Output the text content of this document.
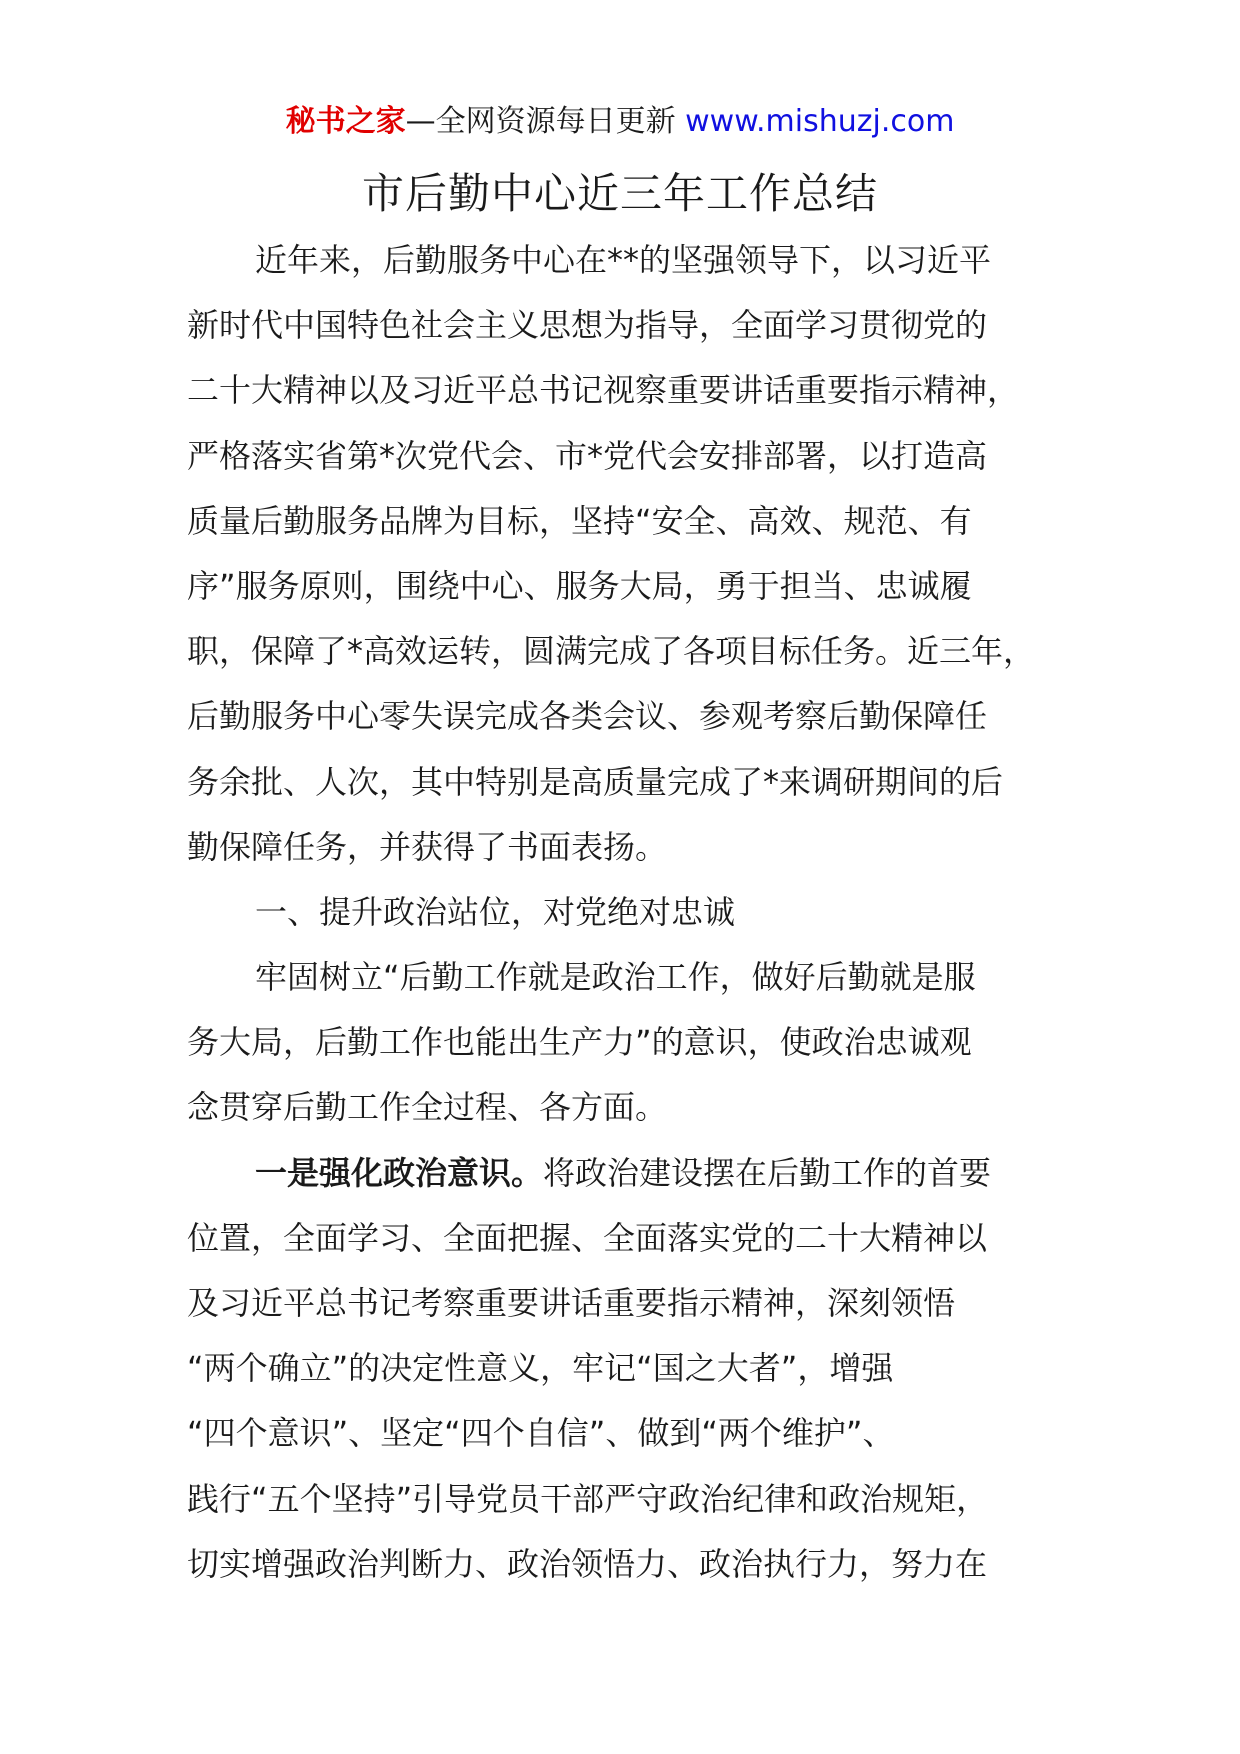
秘书之家—全网资源每日更新 www.mishuzj.com
市后勤中心近三年工作总结
近年来，后勤服务中心在**的坚强领导下，以习近平
新时代中国特色社会主义思想为指导，全面学习贯彻党的
二十大精神以及习近平总书记视察重要讲话重要指示精神，
严格落实省第*次党代会、市*党代会安排部署，以打造高
质量后勤服务品牌为目标，坚持“安全、高效、规范、有
序”服务原则，围绕中心、服务大局，勇于担当、忠诚履
职，保障了*高效运转，圆满完成了各项目标任务。近三年，
后勤服务中心零失误完成各类会议、参观考察后勤保障任
务余批、人次，其中特别是高质量完成了*来调研期间的后
勤保障任务，并获得了书面表扬。
一、提升政治站位，对党绝对忠诚
牢固树立“后勤工作就是政治工作，做好后勤就是服
务大局，后勤工作也能出生产力”的意识，使政治忠诚观
念贯穿后勤工作全过程、各方面。
一是强化政治意识。将政治建设摆在后勤工作的首要
位置，全面学习、全面把握、全面落实党的二十大精神以
及习近平总书记考察重要讲话重要指示精神，深刻领悟
“两个确立”的决定性意义，牢记“国之大者”，增强
“四个意识”、坚定“四个自信”、做到“两个维护”、
践行“五个坚持”引导党员干部严守政治纪律和政治规矩，
切实增强政治判断力、政治领悟力、政治执行力，努力在
